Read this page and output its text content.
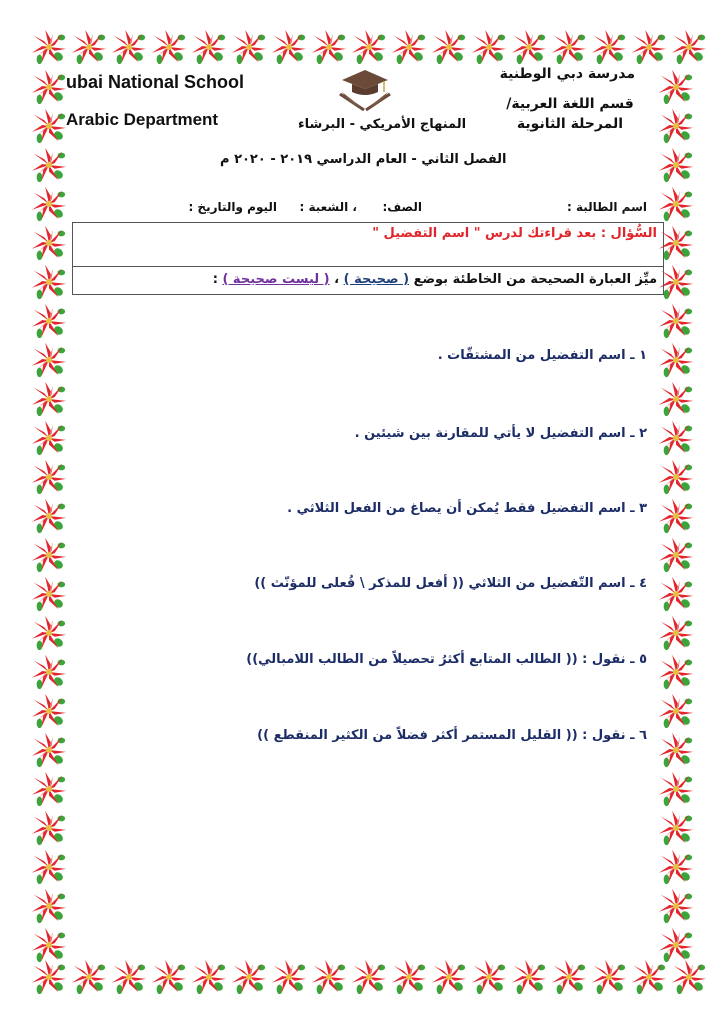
ubai National School
Arabic Department
مدرسة دبي الوطنية
قسم اللغة العربية/ المرحلة الثانوية
المنهاج الأمريكي - البرشاء
الفصل الثاني - العام الدراسي ٢٠١٩ - ٢٠٢٠ م
اسم الطالبة :
الصف:
، الشعبة :
اليوم والتاريخ :
السُّؤال : بعد قراءتك لدرس " اسم التفضيل "
ميِّز العبارة الصحيحة من الخاطئة بوضع ( صحيحة ) ، ( ليست صحيحة ) :
١ ـ اسم التفضيل من المشتقّات .
٢ ـ اسم التفضيل لا يأتي للمقارنة بين شيئين .
٣ ـ اسم التفضيل فقط يُمكن أن يصاغ من الفعل الثلاثي .
٤ ـ اسم التّفضيل من الثلاثي (( أفعل للمذكر \ فُعلى للمؤنّث ))
٥ ـ نقول : (( الطالب المتابع أكثرُ تحصيلاً من الطالب اللامبالي))
٦ ـ نقول : (( القليل المستمر أكثر فضلاً من الكثير المنقطع ))
